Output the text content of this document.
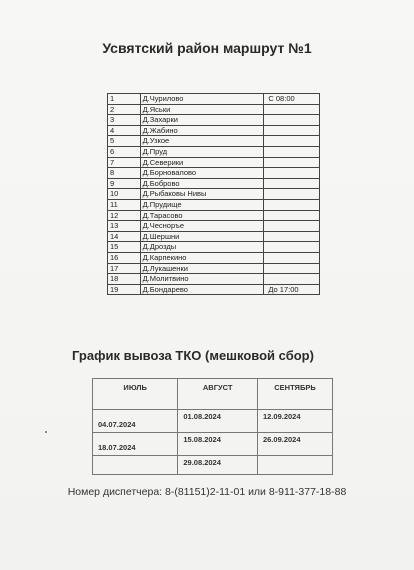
Усвятский район маршрут №1
1	Д.Чурилово	С 08:00
2	Д.Яськи	
3	Д.Захарки	
4	Д.Жабино	
5	Д.Узкое	
6	Д.Пруд	
7	Д.Северики	
8	Д.Борновалово	
9	Д.Боброво	
10	Д.Рыбаковы Нивы	
11	Д.Прудище	
12	Д.Тарасово	
13	Д.Чесноръе	
14	Д.Шершни	
15	Д.Дрозды	
16	Д.Карпекино	
17	Д.Лукашенки	
18	Д.Молитвино	
19	Д.Бондарево	До 17:00
График вывоза ТКО (мешковой сбор)
ИЮЛЬ	АВГУСТ	СЕНТЯБРЬ

04.07.2024	01.08.2024	12.09.2024

18.07.2024	15.08.2024	26.09.2024

	29.08.2024	

Номер диспетчера: 8-(81151)2-11-01 или 8-911-377-18-88
